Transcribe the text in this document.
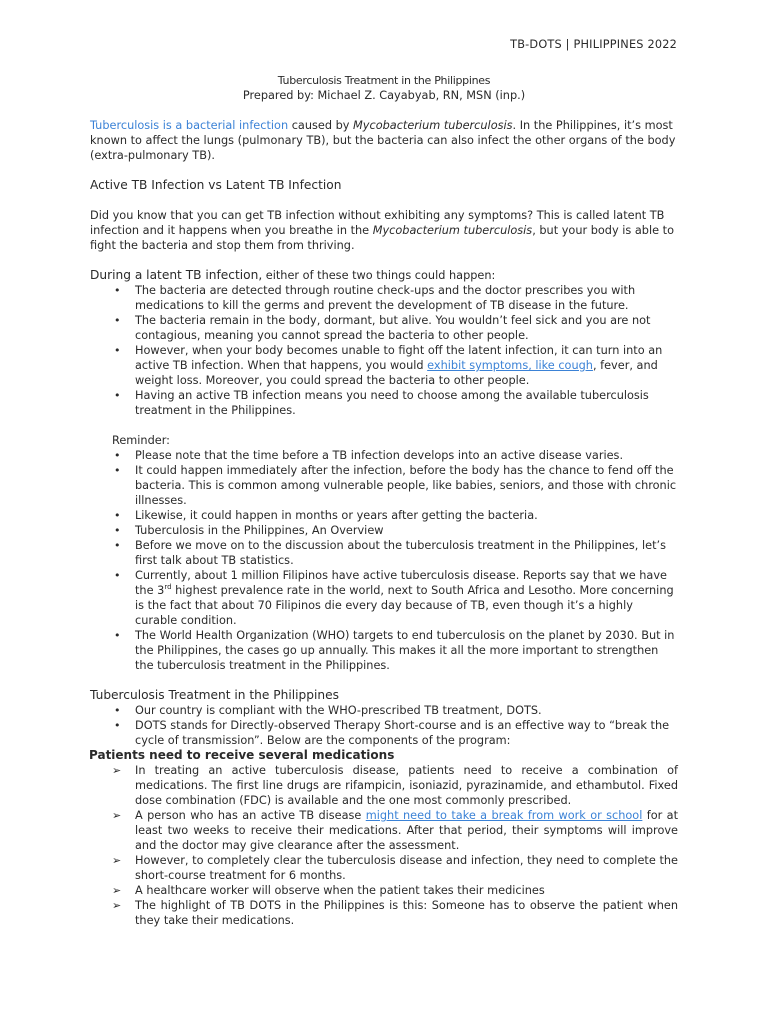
TB-DOTS | PHILIPPINES 2022
Tuberculosis Treatment in the Philippines
Prepared by: Michael Z. Cayabyab, RN, MSN (inp.)

Tuberculosis is a bacterial infection caused by Mycobacterium tuberculosis. In the Philippines, it’s most known to affect the lungs (pulmonary TB), but the bacteria can also infect the other organs of the body (extra-pulmonary TB).

Active TB Infection vs Latent TB Infection

Did you know that you can get TB infection without exhibiting any symptoms? This is called latent TB infection and it happens when you breathe in the Mycobacterium tuberculosis, but your body is able to fight the bacteria and stop them from thriving.

During a latent TB infection, either of these two things could happen:

• The bacteria are detected through routine check-ups and the doctor prescribes you with medications to kill the germs and prevent the development of TB disease in the future.
• The bacteria remain in the body, dormant, but alive. You wouldn’t feel sick and you are not contagious, meaning you cannot spread the bacteria to other people.
• However, when your body becomes unable to fight off the latent infection, it can turn into an active TB infection. When that happens, you would exhibit symptoms, like cough, fever, and weight loss. Moreover, you could spread the bacteria to other people.
• Having an active TB infection means you need to choose among the available tuberculosis treatment in the Philippines.

Reminder:

• Please note that the time before a TB infection develops into an active disease varies.
• It could happen immediately after the infection, before the body has the chance to fend off the bacteria. This is common among vulnerable people, like babies, seniors, and those with chronic illnesses.
• Likewise, it could happen in months or years after getting the bacteria.
• Tuberculosis in the Philippines, An Overview
• Before we move on to the discussion about the tuberculosis treatment in the Philippines, let’s first talk about TB statistics.
• Currently, about 1 million Filipinos have active tuberculosis disease. Reports say that we have the 3rd highest prevalence rate in the world, next to South Africa and Lesotho. More concerning is the fact that about 70 Filipinos die every day because of TB, even though it’s a highly curable condition.
• The World Health Organization (WHO) targets to end tuberculosis on the planet by 2030. But in the Philippines, the cases go up annually. This makes it all the more important to strengthen the tuberculosis treatment in the Philippines.

Tuberculosis Treatment in the Philippines

• Our country is compliant with the WHO-prescribed TB treatment, DOTS.
• DOTS stands for Directly-observed Therapy Short-course and is an effective way to “break the cycle of transmission”. Below are the components of the program:

Patients need to receive several medications

➢ In treating an active tuberculosis disease, patients need to receive a combination of medications. The first line drugs are rifampicin, isoniazid, pyrazinamide, and ethambutol. Fixed dose combination (FDC) is available and the one most commonly prescribed.
➢ A person who has an active TB disease might need to take a break from work or school for at least two weeks to receive their medications. After that period, their symptoms will improve and the doctor may give clearance after the assessment.
➢ However, to completely clear the tuberculosis disease and infection, they need to complete the short-course treatment for 6 months.
➢ A healthcare worker will observe when the patient takes their medicines
➢ The highlight of TB DOTS in the Philippines is this: Someone has to observe the patient when they take their medications.
